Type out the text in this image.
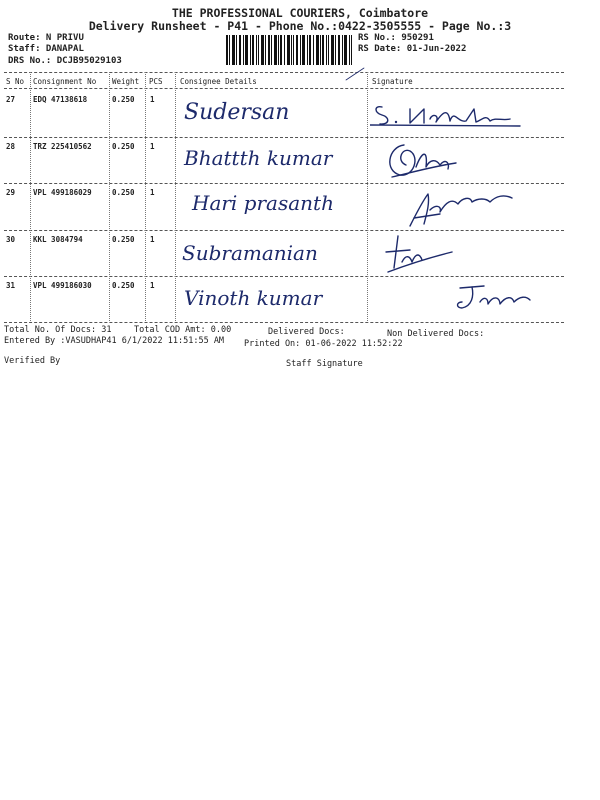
THE PROFESSIONAL COURIERS, Coimbatore
Delivery Runsheet - P41 - Phone No.:0422-3505555 - Page No.:3
Route: N PRIVU
Staff: DANAPAL
DRS No.: DCJB95029103
RS No.: 950291
RS Date: 01-Jun-2022
S No Consignment No Weight PCS Consignee Details	Signature
27 EDQ 47138618	0.250 1
Sudersan
28 TRZ 225410562	0.250 1 Bhattth kumar
29 VPL 499186029	0.250 1 Hari prasanth
30 KKL 3084794	0.250 1
Subramanian
31 VPL 499186030	0.250 1
Vinoth kumar
Total No. Of Docs: 31	Total COD Amt: 0.00	Delivered Docs:	Non Delivered Docs:
Entered By :VASUDHAP41 6/1/2022 11:51:55 AM Printed On: 01-06-2022 11:52:22
Verified By	Staff Signature
